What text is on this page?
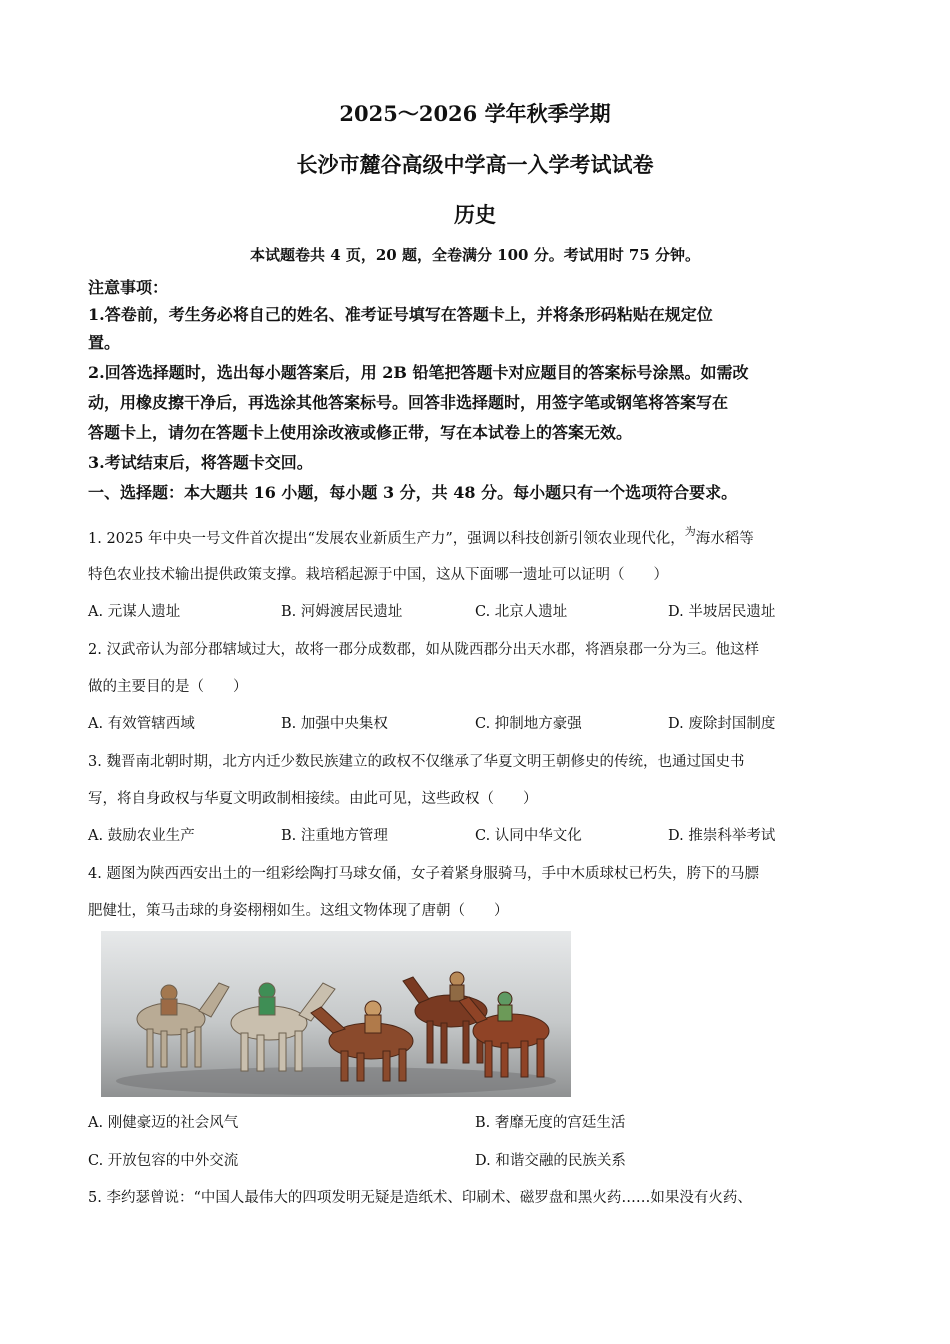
2025～2026 学年秋季学期
长沙市麓谷高级中学高一入学考试试卷
历史
本试题卷共 4 页，20 题，全卷满分 100 分。考试用时 75 分钟。
注意事项：
1.答卷前，考生务必将自己的姓名、准考证号填写在答题卡上，并将条形码粘贴在规定位
置。
2.回答选择题时，选出每小题答案后，用 2B 铅笔把答题卡对应题目的答案标号涂黑。如需改
动，用橡皮擦干净后，再选涂其他答案标号。回答非选择题时，用签字笔或钢笔将答案写在
答题卡上，请勿在答题卡上使用涂改液或修正带，写在本试卷上的答案无效。
3.考试结束后，将答题卡交回。
一、选择题：本大题共 16 小题，每小题 3 分，共 48 分。每小题只有一个选项符合要求。
1. 2025 年中央一号文件首次提出“发展农业新质生产力”，强调以科技创新引领农业现代化，$^为$海水稻等
特色农业技术输出提供政策支撑。栽培稻起源于中国，这从下面哪一遗址可以证明（　　）
A. 元谋人遗址	B. 河姆渡居民遗址	C. 北京人遗址	D. 半坡居民遗址
2. 汉武帝认为部分郡辖域过大，故将一郡分成数郡，如从陇西郡分出天水郡，将酒泉郡一分为三。他这样
做的主要目的是（　　）
A. 有效管辖西域	B. 加强中央集权	C. 抑制地方豪强	D. 废除封国制度
3. 魏晋南北朝时期，北方内迁少数民族建立的政权不仅继承了华夏文明王朝修史的传统，也通过国史书
写，将自身政权与华夏文明政制相接续。由此可见，这些政权（　　）
A. 鼓励农业生产	B. 注重地方管理	C. 认同中华文化	D. 推崇科举考试
4. 题图为陕西西安出土的一组彩绘陶打马球女俑，女子着紧身服骑马，手中木质球杖已朽失，胯下的马膘
肥健壮，策马击球的身姿栩栩如生。这组文物体现了唐朝（　　）
A. 刚健豪迈的社会风气	B. 奢靡无度的宫廷生活
C. 开放包容的中外交流	D. 和谐交融的民族关系
5. 李约瑟曾说：“中国人最伟大的四项发明无疑是造纸术、印刷术、磁罗盘和黑火药……如果没有火药、
